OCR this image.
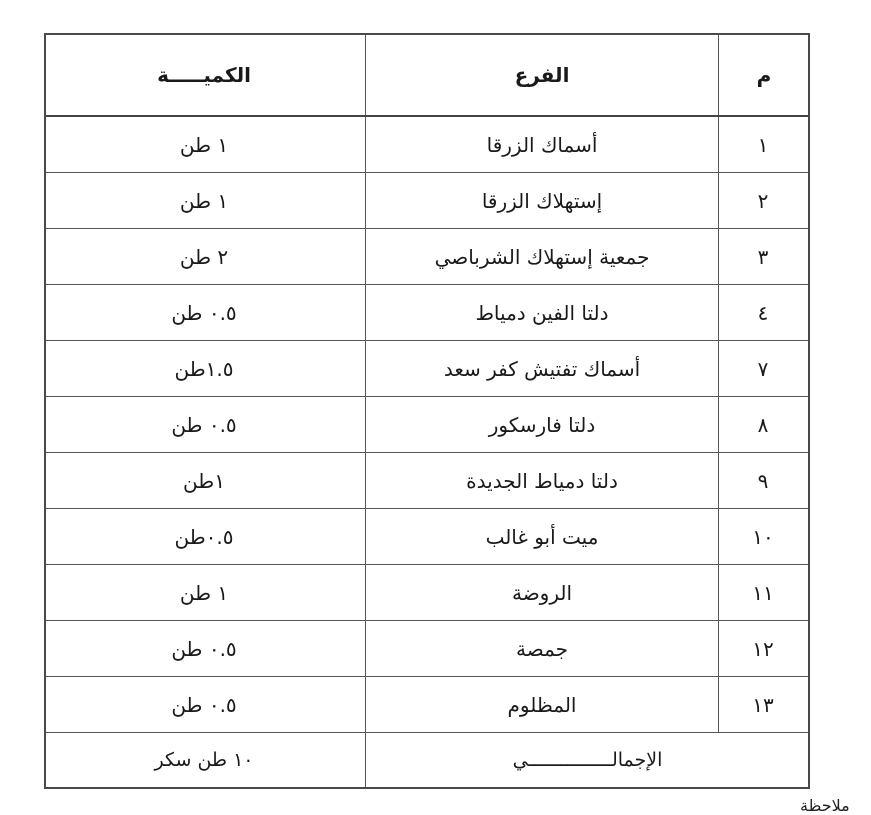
الكميـــــة	الفرع	م
١ طن	أسماك الزرقا	١
١ طن	إستهلاك الزرقا	٢
٢ طن	جمعية إستهلاك الشرباصي	٣
٠.٥ طن	دلتا الفين دمياط	٤
١.٥طن	أسماك تفتيش كفر سعد	٧
٠.٥ طن	دلتا فارسكور	٨
١طن	دلتا دمياط الجديدة	٩
٠.٥طن	ميت أبو غالب	١٠
١ طن	الروضة	١١
٠.٥ طن	جمصة	١٢
٠.٥ طن	المظلوم	١٣
١٠ طن سكر	الإجمالـــــــــــــــي
ملاحظة
